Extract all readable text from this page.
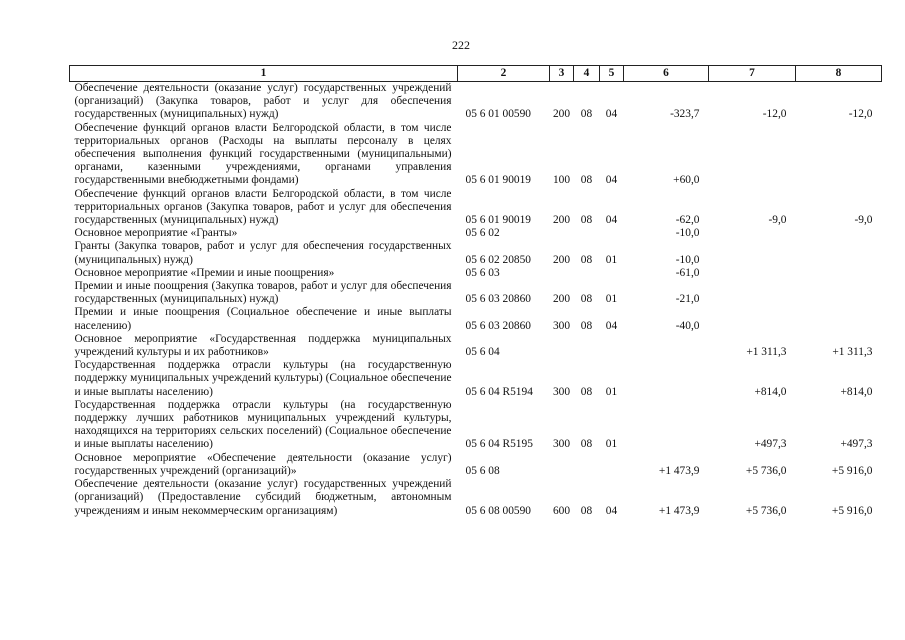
222
1	2	3	4	5	6	7	8
Обеспечение деятельности (оказание услуг) государственных учреждений (организаций) (Закупка товаров, работ и услуг для обеспечения государственных (муниципальных) нужд)	05 6 01 00590	200	08	04	-323,7	-12,0	-12,0
Обеспечение функций органов власти Белгородской области, в том числе территориальных органов (Расходы на выплаты персоналу в целях обеспечения выполнения функций государственными (муниципальными) органами, казенными учреждениями, органами управления государственными внебюджетными фондами)	05 6 01 90019	100	08	04	+60,0		
Обеспечение функций органов власти Белгородской области, в том числе территориальных органов (Закупка товаров, работ и услуг для обеспечения государственных (муниципальных) нужд)	05 6 01 90019	200	08	04	-62,0	-9,0	-9,0
Основное мероприятие «Гранты»	05 6 02				-10,0		
Гранты (Закупка товаров, работ и услуг для обеспечения государственных (муниципальных) нужд)	05 6 02 20850	200	08	01	-10,0		
Основное мероприятие «Премии и иные поощрения»	05 6 03				-61,0		
Премии и иные поощрения (Закупка товаров, работ и услуг для обеспечения государственных (муниципальных) нужд)	05 6 03 20860	200	08	01	-21,0		
Премии и иные поощрения (Социальное обеспечение и иные выплаты населению)	05 6 03 20860	300	08	04	-40,0		
Основное мероприятие «Государственная поддержка муниципальных учреждений культуры и их работников»	05 6 04					+1 311,3	+1 311,3
Государственная поддержка отрасли культуры (на государственную поддержку муниципальных учреждений культуры) (Социальное обеспечение и иные выплаты населению)	05 6 04 R5194	300	08	01		+814,0	+814,0
Государственная поддержка отрасли культуры (на государственную поддержку лучших работников муниципальных учреждений культуры, находящихся на территориях сельских поселений) (Социальное обеспечение и иные выплаты населению)	05 6 04 R5195	300	08	01		+497,3	+497,3
Основное мероприятие «Обеспечение деятельности (оказание услуг) государственных учреждений (организаций)»	05 6 08				+1 473,9	+5 736,0	+5 916,0
Обеспечение деятельности (оказание услуг) государственных учреждений (организаций) (Предоставление субсидий бюджетным, автономным учреждениям и иным некоммерческим организациям)	05 6 08 00590	600	08	04	+1 473,9	+5 736,0	+5 916,0
